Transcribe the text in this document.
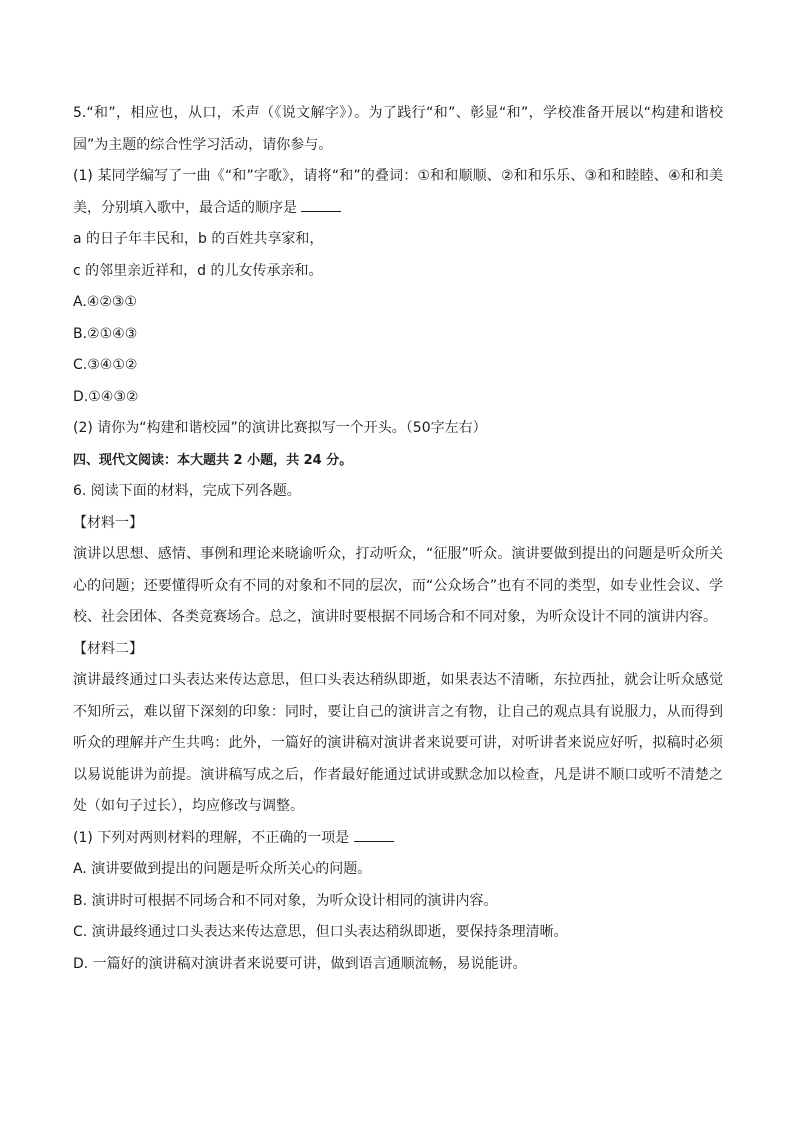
5.“和”，相应也，从口，禾声（《说文解字》）。为了践行“和”、彰显“和”，学校准备开展以“构建和谐校园”为主题的综合性学习活动，请你参与。
(1) 某同学编写了一曲《“和”字歌》，请将“和”的叠词：①和和顺顺、②和和乐乐、③和和睦睦、④和和美美，分别填入歌中，最合适的顺序是
a 的日子年丰民和，b 的百姓共享家和，
c 的邻里亲近祥和，d 的儿女传承亲和。
A.④②③①
B.②①④③
C.③④①②
D.①④③②
(2) 请你为“构建和谐校园”的演讲比赛拟写一个开头。（50字左右）
四、现代文阅读：本大题共 2 小题，共 24 分。
6. 阅读下面的材料，完成下列各题。
【材料一】
演讲以思想、感情、事例和理论来晓谕听众，打动听众，“征服”听众。演讲要做到提出的问题是听众所关心的问题；还要懂得听众有不同的对象和不同的层次，而“公众场合”也有不同的类型，如专业性会议、学校、社会团体、各类竞赛场合。总之，演讲时要根据不同场合和不同对象，为听众设计不同的演讲内容。
【材料二】
演讲最终通过口头表达来传达意思，但口头表达稍纵即逝，如果表达不清晰，东拉西扯，就会让听众感觉不知所云，难以留下深刻的印象：同时，要让自己的演讲言之有物，让自己的观点具有说服力，从而得到听众的理解并产生共鸣：此外，一篇好的演讲稿对演讲者来说要可讲，对听讲者来说应好听，拟稿时必须以易说能讲为前提。演讲稿写成之后，作者最好能通过试讲或默念加以检查，凡是讲不顺口或听不清楚之处（如句子过长），均应修改与调整。
(1) 下列对两则材料的理解，不正确的一项是
A. 演讲要做到提出的问题是听众所关心的问题。
B. 演讲时可根据不同场合和不同对象，为听众设计相同的演讲内容。
C. 演讲最终通过口头表达来传达意思，但口头表达稍纵即逝，要保持条理清晰。
D. 一篇好的演讲稿对演讲者来说要可讲，做到语言通顺流畅，易说能讲。
